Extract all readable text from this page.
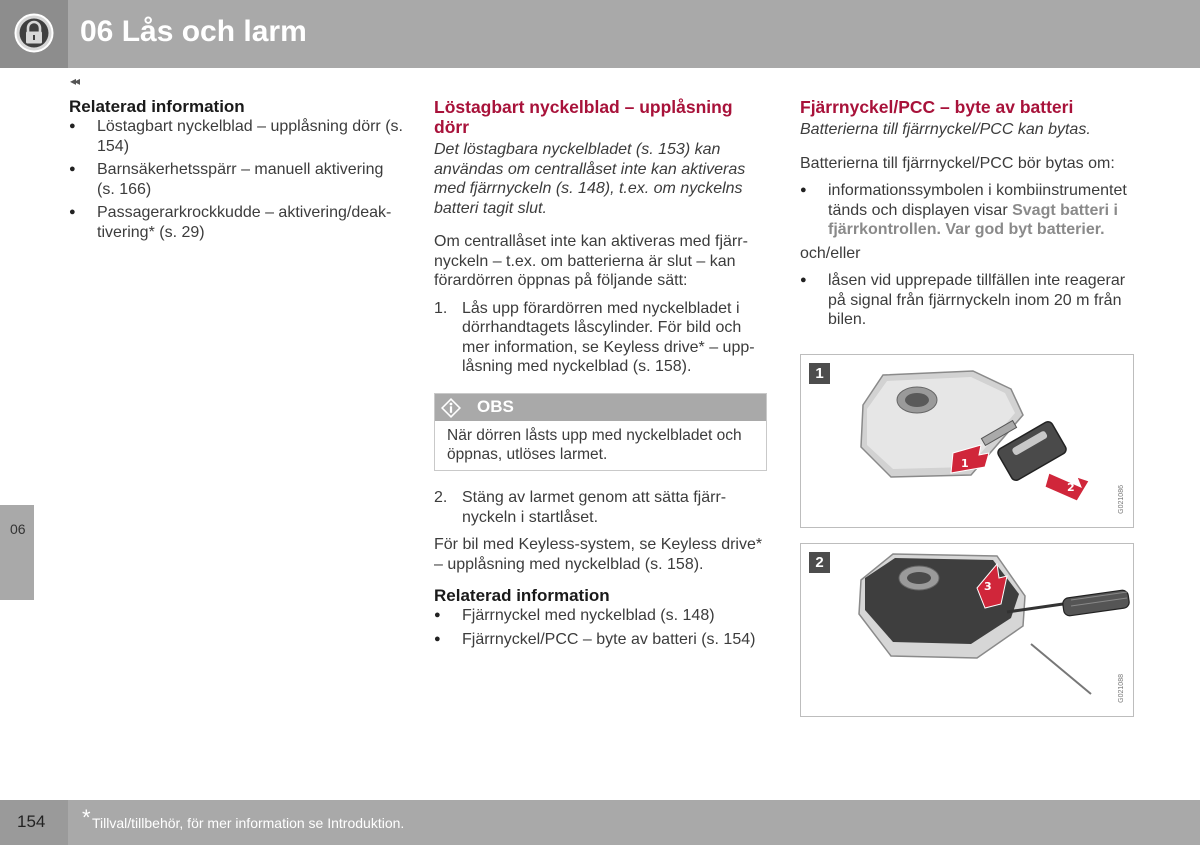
06 Lås och larm
◂◂
06
Relaterad information
● Löstagbart nyckelblad – upplåsning dörr (s. 154)
● Barnsäkerhetsspärr – manuell aktivering (s. 166)
● Passagerarkrockkudde – aktivering/deaktivering* (s. 29)
Löstagbart nyckelblad – upplåsning dörr

Det löstagbara nyckelbladet (s. 153) kan användas om centrallåset inte kan aktiveras med fjärrnyckeln (s. 148), t.ex. om nyckelns batteri tagit slut.

Om centrallåset inte kan aktiveras med fjärrnyckeln – t.ex. om batterierna är slut – kan förardörren öppnas på följande sätt:

1. Lås upp förardörren med nyckelbladet i dörrhandtagets låscylinder. För bild och mer information, se Keyless drive* – upplåsning med nyckelblad (s. 158).
OBS
När dörren låsts upp med nyckelbladet och öppnas, utlöses larmet.
2. Stäng av larmet genom att sätta fjärrnyckeln i startlåset.

För bil med Keyless-system, se Keyless drive* – upplåsning med nyckelblad (s. 158).

Relaterad information
● Fjärrnyckel med nyckelblad (s. 148)
● Fjärrnyckel/PCC – byte av batteri (s. 154)
Fjärrnyckel/PCC – byte av batteri

Batterierna till fjärrnyckel/PCC kan bytas.

Batterierna till fjärrnyckel/PCC bör bytas om:

● informationssymbolen i kombiinstrumentet tänds och displayen visar Svagt batteri i fjärrkontrollen. Var god byt batterier.

och/eller

● låsen vid upprepade tillfällen inte reagerar på signal från fjärrnyckeln inom 20 m från bilen.
1
1
2	G021086
2
3
G021088
154 * Tillval/tillbehör, för mer information se Introduktion.
